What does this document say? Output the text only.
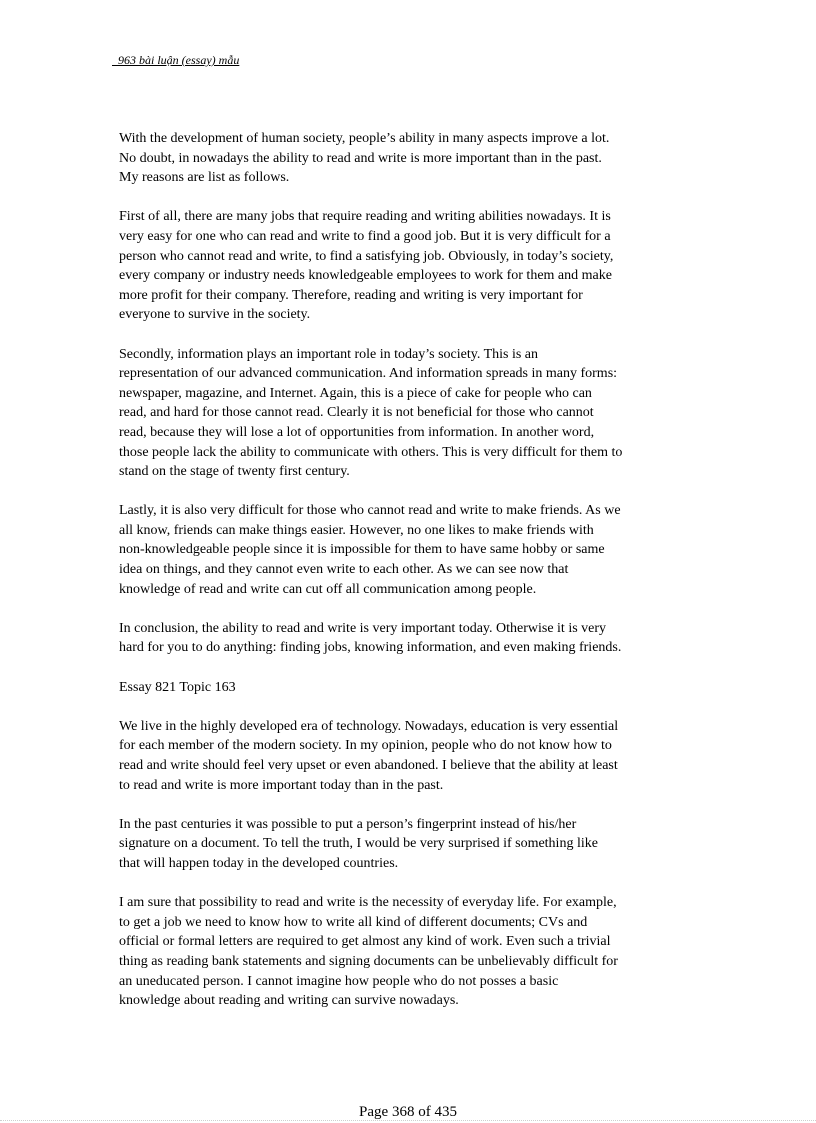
963 bài luận (essay) mẫu

With the development of human society, people’s ability in many aspects improve a lot.
No doubt, in nowadays the ability to read and write is more important than in the past.
My reasons are list as follows.

First of all, there are many jobs that require reading and writing abilities nowadays. It is
very easy for one who can read and write to find a good job. But it is very difficult for a
person who cannot read and write, to find a satisfying job. Obviously, in today’s society,
every company or industry needs knowledgeable employees to work for them and make
more profit for their company. Therefore, reading and writing is very important for
everyone to survive in the society.

Secondly, information plays an important role in today’s society. This is an
representation of our advanced communication. And information spreads in many forms:
newspaper, magazine, and Internet. Again, this is a piece of cake for people who can
read, and hard for those cannot read. Clearly it is not beneficial for those who cannot
read, because they will lose a lot of opportunities from information. In another word,
those people lack the ability to communicate with others. This is very difficult for them to
stand on the stage of twenty first century.

Lastly, it is also very difficult for those who cannot read and write to make friends. As we
all know, friends can make things easier. However, no one likes to make friends with
non-knowledgeable people since it is impossible for them to have same hobby or same
idea on things, and they cannot even write to each other. As we can see now that
knowledge of read and write can cut off all communication among people.

In conclusion, the ability to read and write is very important today. Otherwise it is very
hard for you to do anything: finding jobs, knowing information, and even making friends.

Essay 821 Topic 163

We live in the highly developed era of technology. Nowadays, education is very essential
for each member of the modern society. In my opinion, people who do not know how to
read and write should feel very upset or even abandoned. I believe that the ability at least
to read and write is more important today than in the past.

In the past centuries it was possible to put a person’s fingerprint instead of his/her
signature on a document. To tell the truth, I would be very surprised if something like
that will happen today in the developed countries.

I am sure that possibility to read and write is the necessity of everyday life. For example,
to get a job we need to know how to write all kind of different documents; CVs and
official or formal letters are required to get almost any kind of work. Even such a trivial
thing as reading bank statements and signing documents can be unbelievably difficult for
an uneducated person. I cannot imagine how people who do not posses a basic
knowledge about reading and writing can survive nowadays.

Page 368 of 435
